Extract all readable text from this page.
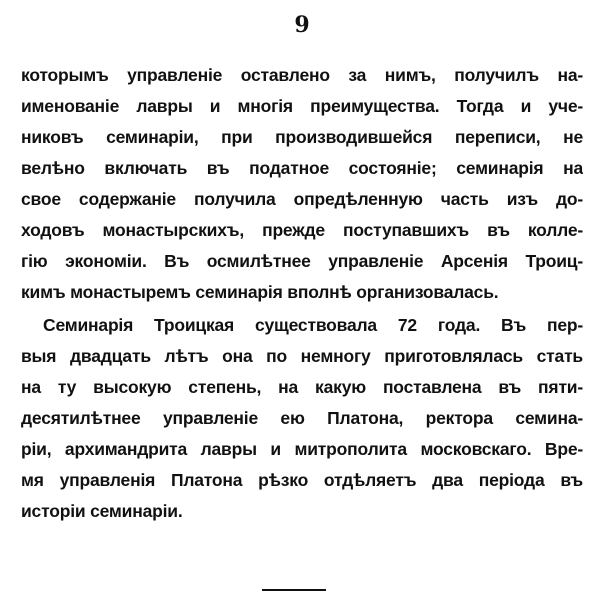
9
которымъ управленіе оставлено за нимъ, получилъ на-
именованіе лавры и многія преимущества. Тогда и уче-
никовъ семинаріи, при производившейся переписи, не
велѣно включать въ податное состояніе; семинарія на
свое содержаніе получила опредѣленную часть изъ до-
ходовъ монастырскихъ, прежде поступавшихъ въ колле-
гію экономіи. Въ осмилѣтнее управленіе Арсенія Троиц-
кимъ монастыремъ семинарія вполнѣ организовалась.
Семинарія Троицкая существовала 72 года. Въ пер-
выя двадцать лѣтъ она по немногу приготовлялась стать
на ту высокую степень, на какую поставлена въ пяти-
десятилѣтнее управленіе ею Платона, ректора семина-
ріи, архимандрита лавры и митрополита московскаго. Вре-
мя управленія Платона рѣзко отдѣляетъ два періода въ
исторіи семинаріи.
